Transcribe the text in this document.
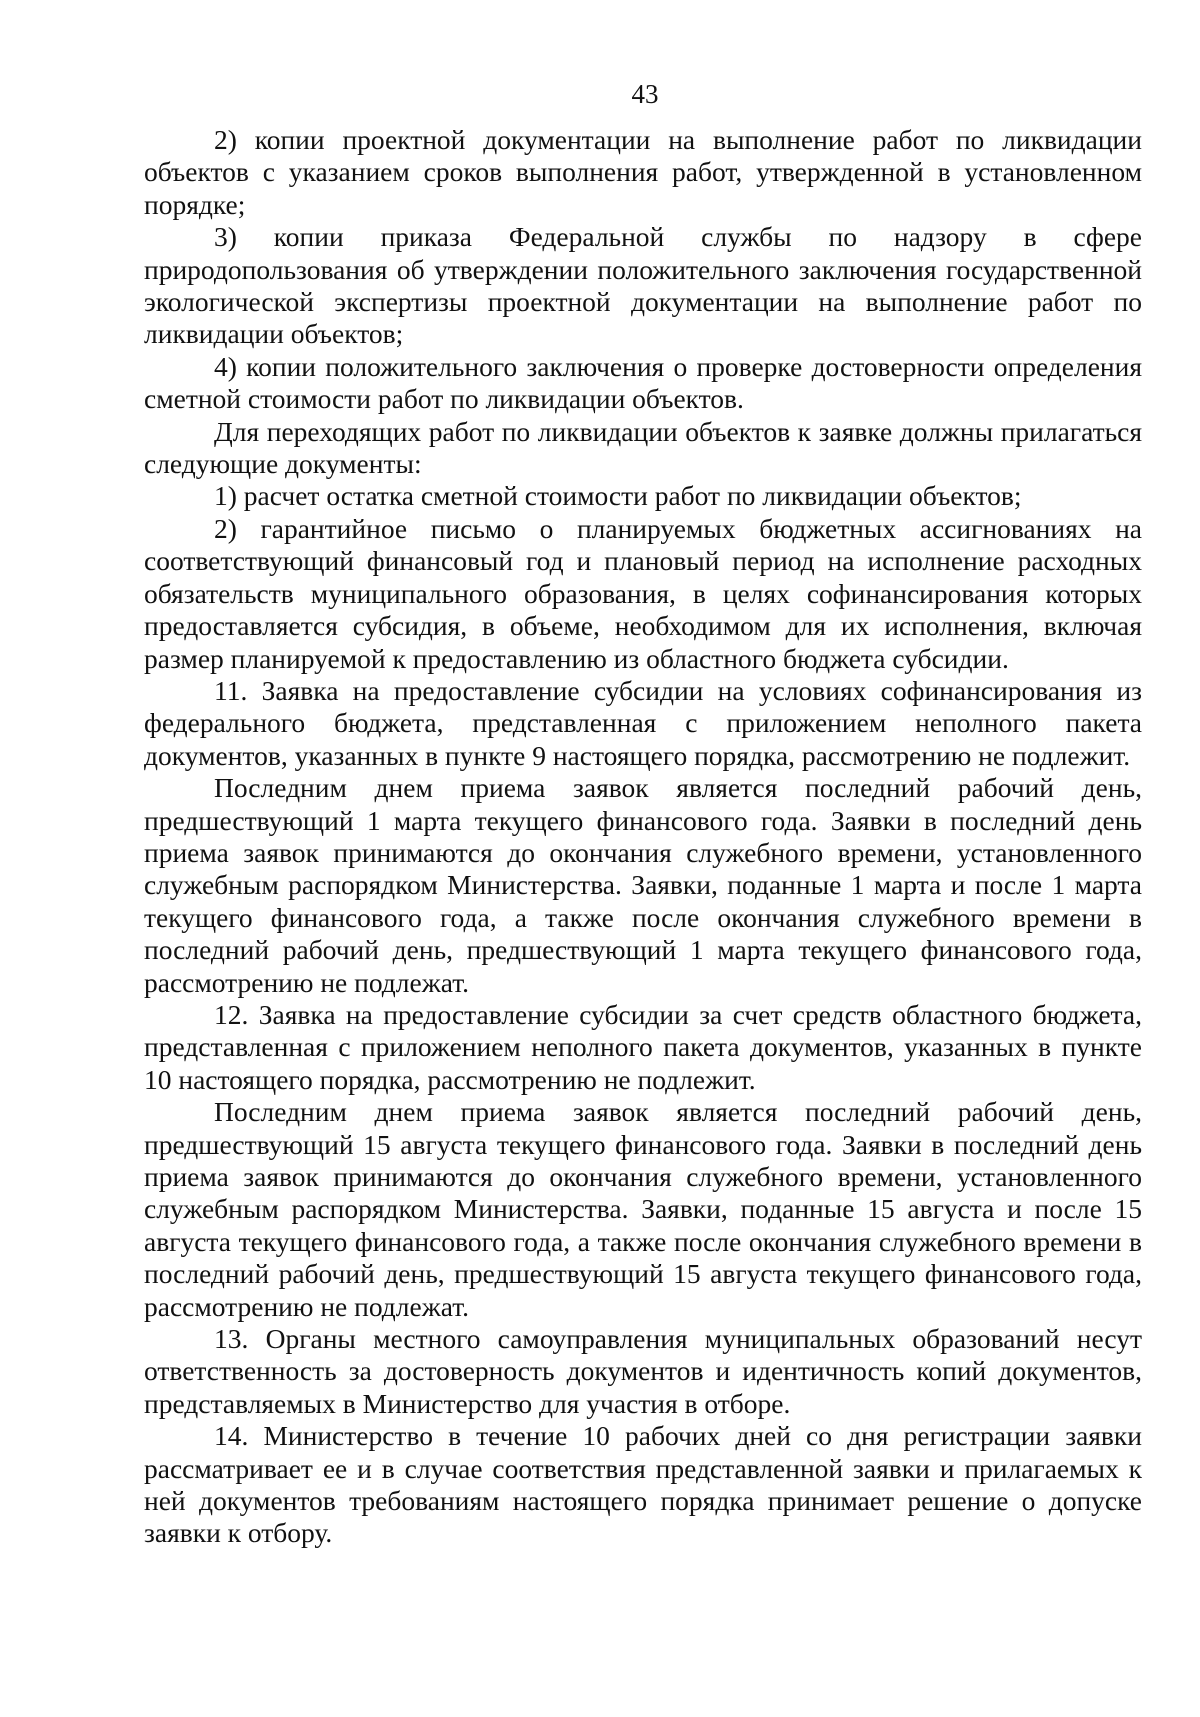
43

2) копии проектной документации на выполнение работ по ликвидации объектов с указанием сроков выполнения работ, утвержденной в установленном порядке;

3) копии приказа Федеральной службы по надзору в сфере природопользования об утверждении положительного заключения государственной экологической экспертизы проектной документации на выполнение работ по ликвидации объектов;

4) копии положительного заключения о проверке достоверности определения сметной стоимости работ по ликвидации объектов.

Для переходящих работ по ликвидации объектов к заявке должны прилагаться следующие документы:

1) расчет остатка сметной стоимости работ по ликвидации объектов;

2) гарантийное письмо о планируемых бюджетных ассигнованиях на соответствующий финансовый год и плановый период на исполнение расходных обязательств муниципального образования, в целях софинансирования которых предоставляется субсидия, в объеме, необходимом для их исполнения, включая размер планируемой к предоставлению из областного бюджета субсидии.

11. Заявка на предоставление субсидии на условиях софинансирования из федерального бюджета, представленная с приложением неполного пакета документов, указанных в пункте 9 настоящего порядка, рассмотрению не подлежит.

Последним днем приема заявок является последний рабочий день, предшествующий 1 марта текущего финансового года. Заявки в последний день приема заявок принимаются до окончания служебного времени, установленного служебным распорядком Министерства. Заявки, поданные 1 марта и после 1 марта текущего финансового года, а также после окончания служебного времени в последний рабочий день, предшествующий 1 марта текущего финансового года, рассмотрению не подлежат.

12. Заявка на предоставление субсидии за счет средств областного бюджета, представленная с приложением неполного пакета документов, указанных в пункте 10 настоящего порядка, рассмотрению не подлежит.

Последним днем приема заявок является последний рабочий день, предшествующий 15 августа текущего финансового года. Заявки в последний день приема заявок принимаются до окончания служебного времени, установленного служебным распорядком Министерства. Заявки, поданные 15 августа и после 15 августа текущего финансового года, а также после окончания служебного времени в последний рабочий день, предшествующий 15 августа текущего финансового года, рассмотрению не подлежат.

13. Органы местного самоуправления муниципальных образований несут ответственность за достоверность документов и идентичность копий документов, представляемых в Министерство для участия в отборе.

14. Министерство в течение 10 рабочих дней со дня регистрации заявки рассматривает ее и в случае соответствия представленной заявки и прилагаемых к ней документов требованиям настоящего порядка принимает решение о допуске заявки к отбору.
